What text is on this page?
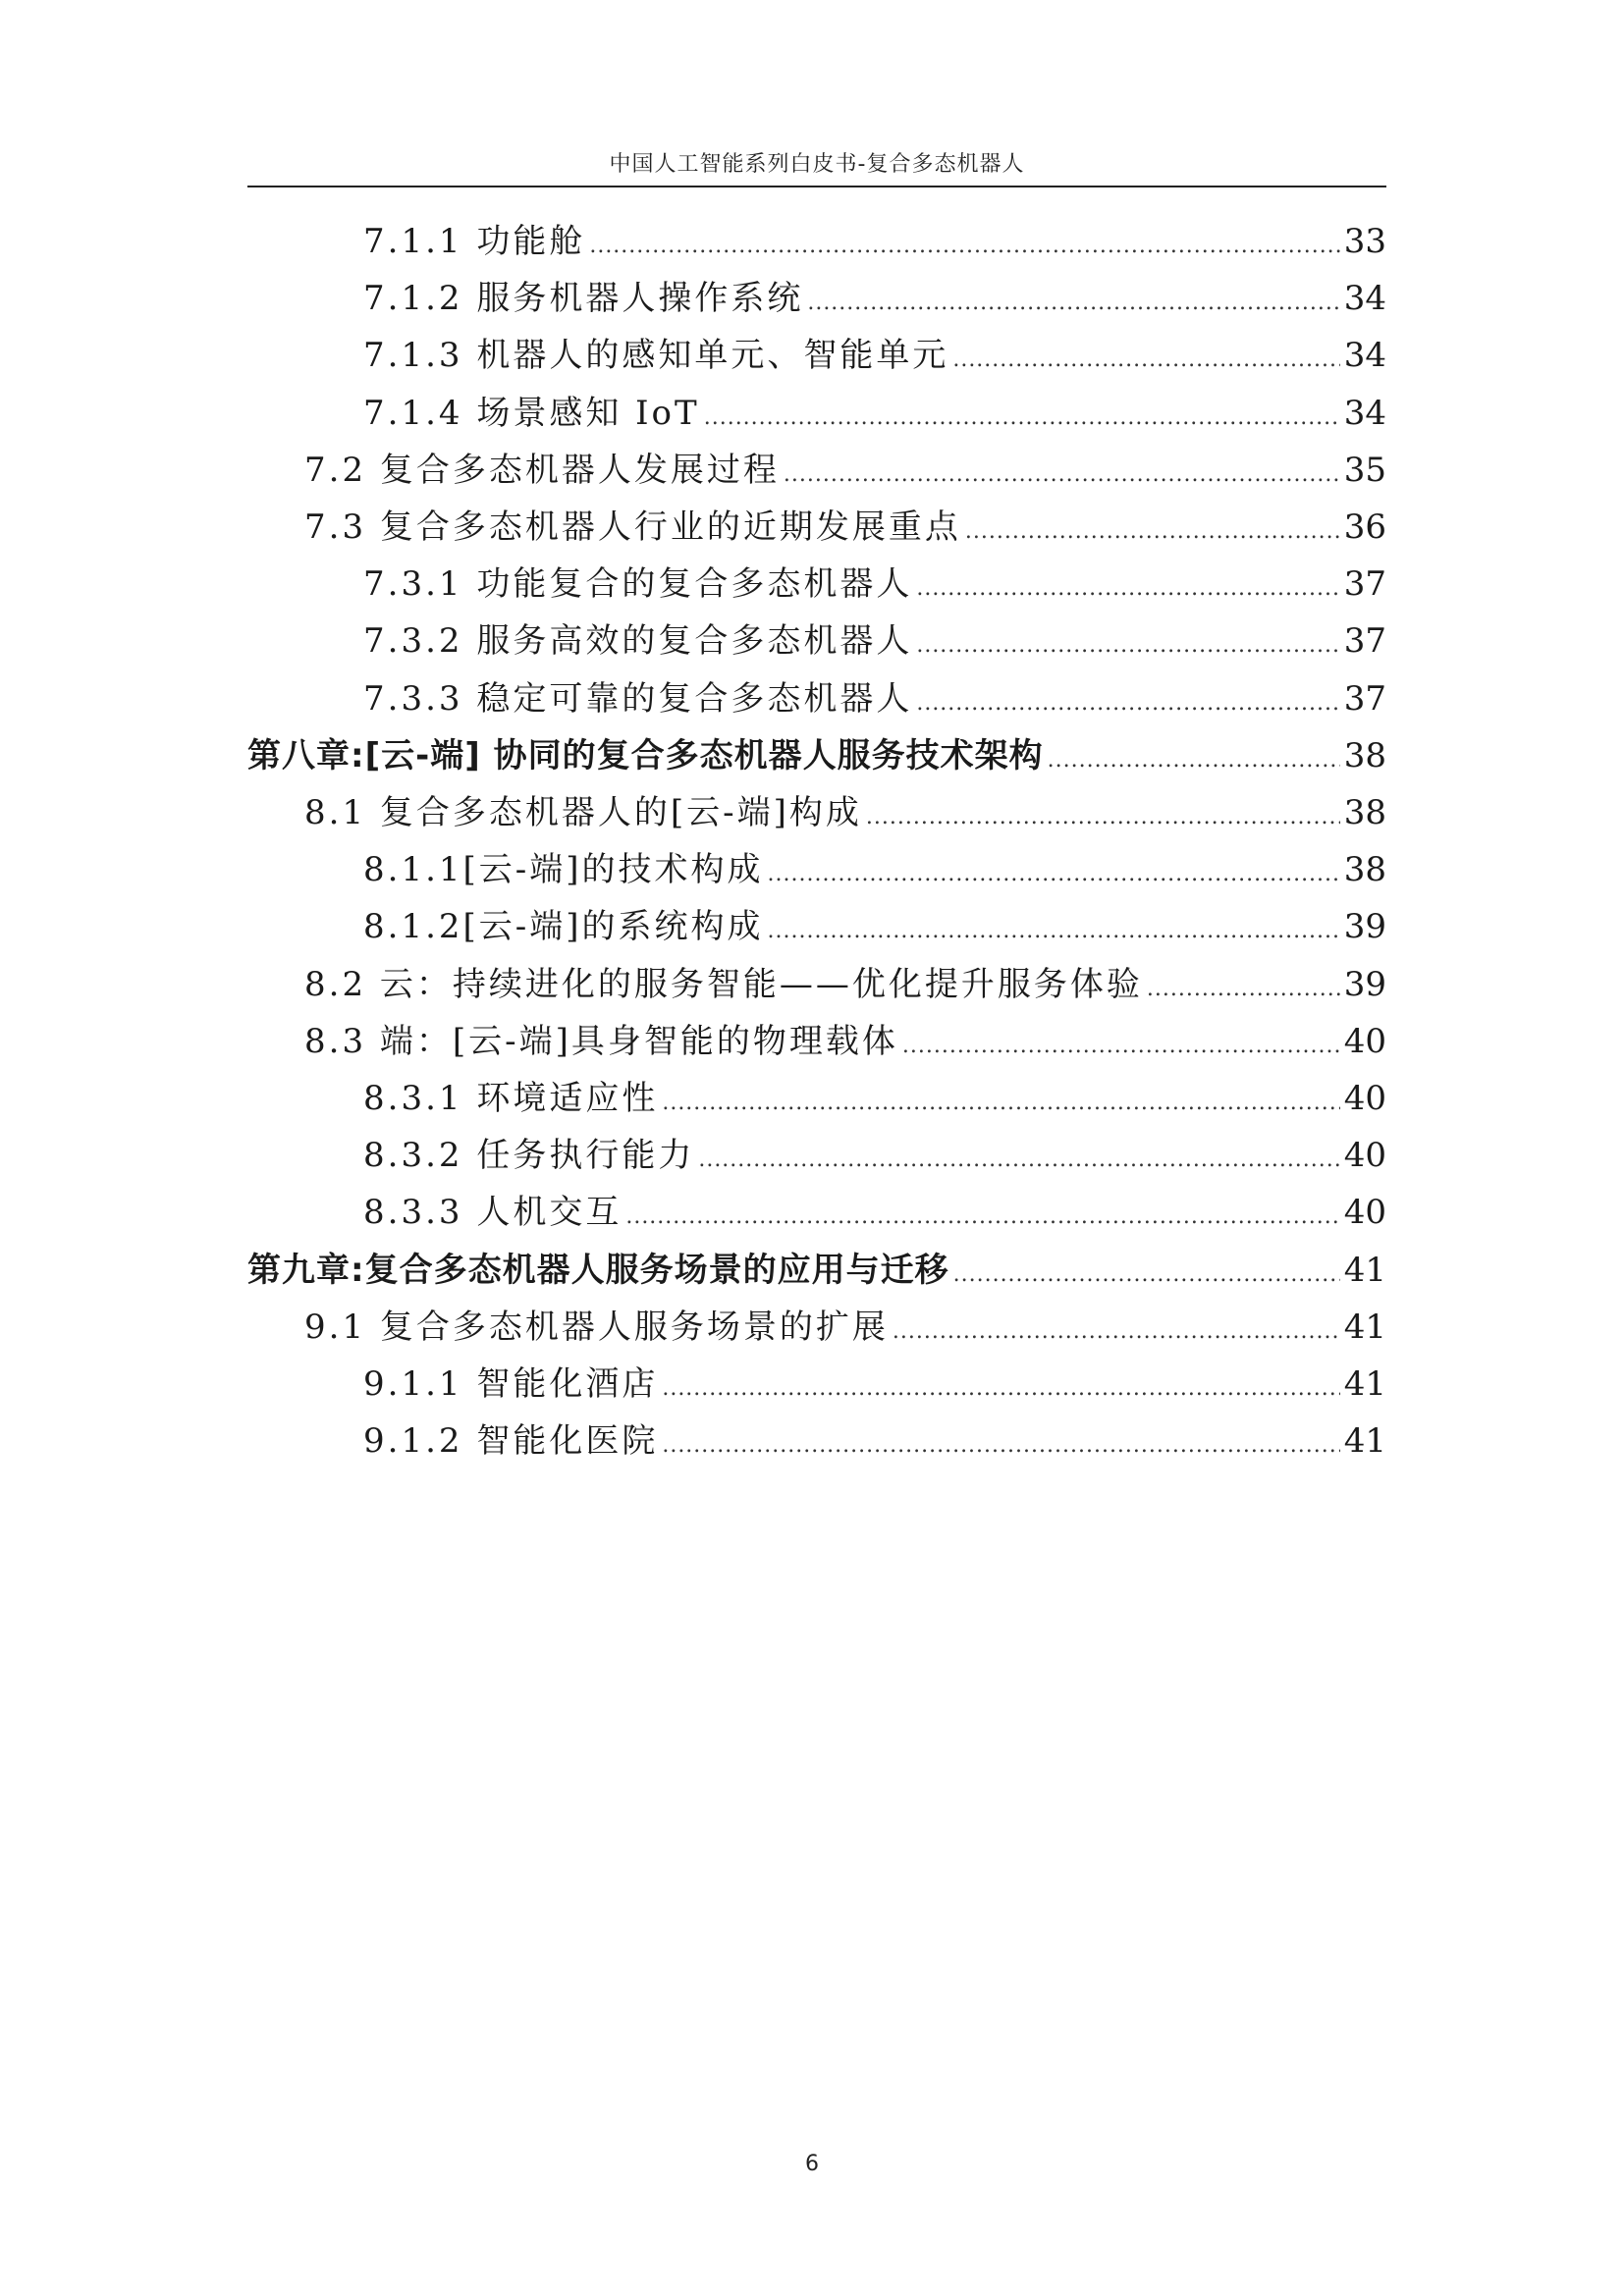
中国人工智能系列白皮书-复合多态机器人
7.1.1 功能舱 .....	33
7.1.2 服务机器人操作系统 .....	34
7.1.3 机器人的感知单元、智能单元 .....	34
7.1.4 场景感知 IoT .....	34
7.2 复合多态机器人发展过程 .....	35
7.3 复合多态机器人行业的近期发展重点 .....	36
7.3.1 功能复合的复合多态机器人 .....	37
7.3.2 服务高效的复合多态机器人 .....	37
7.3.3 稳定可靠的复合多态机器人 .....	37
第八章:[云-端] 协同的复合多态机器人服务技术架构 .....	38
8.1 复合多态机器人的[云-端]构成 .....	38
8.1.1[云-端]的技术构成 .....	38
8.1.2[云-端]的系统构成 .....	39
8.2 云：持续进化的服务智能——优化提升服务体验 .....	39
8.3 端：[云-端]具身智能的物理载体 .....	40
8.3.1 环境适应性 .....	40
8.3.2 任务执行能力 .....	40
8.3.3 人机交互 .....	40
第九章:复合多态机器人服务场景的应用与迁移 .....	41
9.1 复合多态机器人服务场景的扩展 .....	41
9.1.1 智能化酒店 .....	41
9.1.2 智能化医院 .....	41
6
